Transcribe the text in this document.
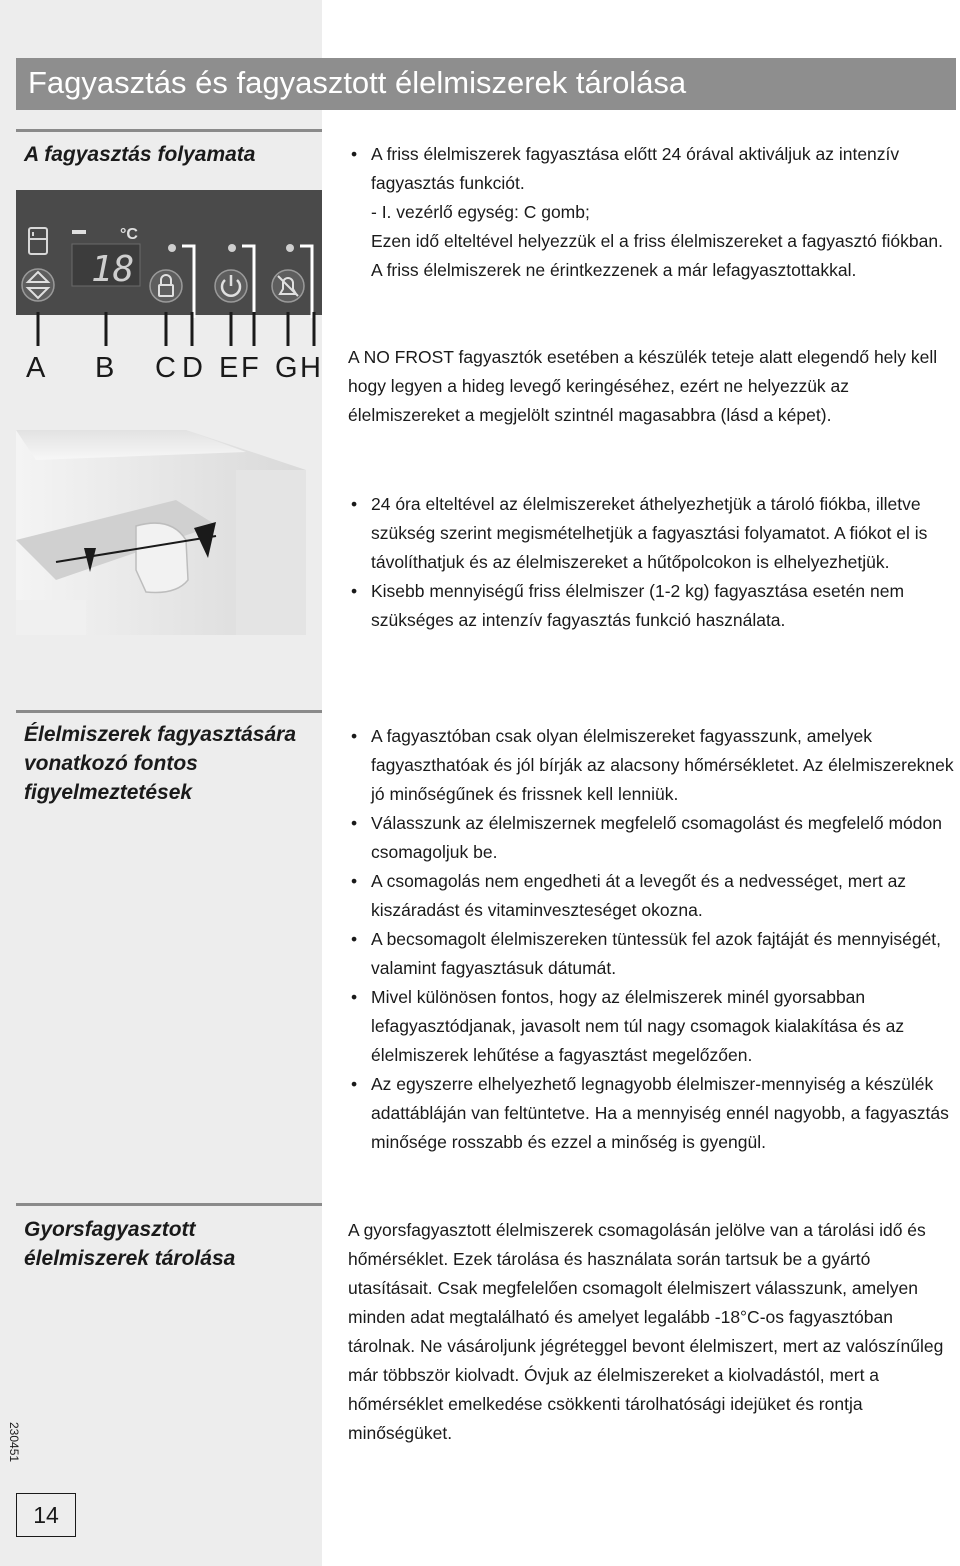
Fagyasztás és fagyasztott élelmiszerek tárolása
A fagyasztás folyamata
°C
18
A B C D E F G H
• A friss élelmiszerek fagyasztása előtt 24 órával aktiváljuk az intenzív fagyasztás funkciót.

- I. vezérlő egység: C gomb;

Ezen idő elteltével helyezzük el a friss élelmiszereket a fagyasztó fiókban. A friss élelmiszerek ne érintkezzenek a már lefagyasztottakkal.

A NO FROST fagyasztók esetében a készülék teteje alatt elegendő hely kell hogy legyen a hideg levegő keringéséhez, ezért ne helyezzük az élelmiszereket a megjelölt szintnél magasabbra (lásd a képet).
• 24 óra elteltével az élelmiszereket áthelyezhetjük a tároló fiókba, illetve szükség szerint megismételhetjük a fagyasztási folyamatot. A fiókot el is távolíthatjuk és az élelmiszereket a hűtőpolcokon is elhelyezhetjük.
• Kisebb mennyiségű friss élelmiszer (1-2 kg) fagyasztása esetén nem szükséges az intenzív fagyasztás funkció használata.
Élelmiszerek fagyasztására vonatkozó fontos figyelmeztetések
• A fagyasztóban csak olyan élelmiszereket fagyasszunk, amelyek fagyaszthatóak és jól bírják az alacsony hőmérsékletet. Az élelmiszereknek jó minőségűnek és frissnek kell lenniük.
• Válasszunk az élelmiszernek megfelelő csomagolást és megfelelő módon csomagoljuk be.
• A csomagolás nem engedheti át a levegőt és a nedvességet, mert az kiszáradást és vitaminveszteséget okozna.
• A becsomagolt élelmiszereken tüntessük fel azok fajtáját és mennyiségét, valamint fagyasztásuk dátumát.
• Mivel különösen fontos, hogy az élelmiszerek minél gyorsabban lefagyasztódjanak, javasolt nem túl nagy csomagok kialakítása és az élelmiszerek lehűtése a fagyasztást megelőzően.
• Az egyszerre elhelyezhető legnagyobb élelmiszer-mennyiség a készülék adattábláján van feltüntetve. Ha a mennyiség ennél nagyobb, a fagyasztás minősége rosszabb és ezzel a minőség is gyengül.
Gyorsfagyasztott élelmiszerek tárolása
A gyorsfagyasztott élelmiszerek csomagolásán jelölve van a tárolási idő és hőmérséklet. Ezek tárolása és használata során tartsuk be a gyártó utasításait. Csak megfelelően csomagolt élelmiszert válasszunk, amelyen minden adat megtalálható és amelyet legalább -18°C-os fagyasztóban tárolnak. Ne vásároljunk jégréteggel bevont élelmiszert, mert az valószínűleg már többször kiolvadt. Óvjuk az élelmiszereket a kiolvadástól, mert a hőmérséklet emelkedése csökkenti tárolhatósági idejüket és rontja minőségüket.
230451
14
